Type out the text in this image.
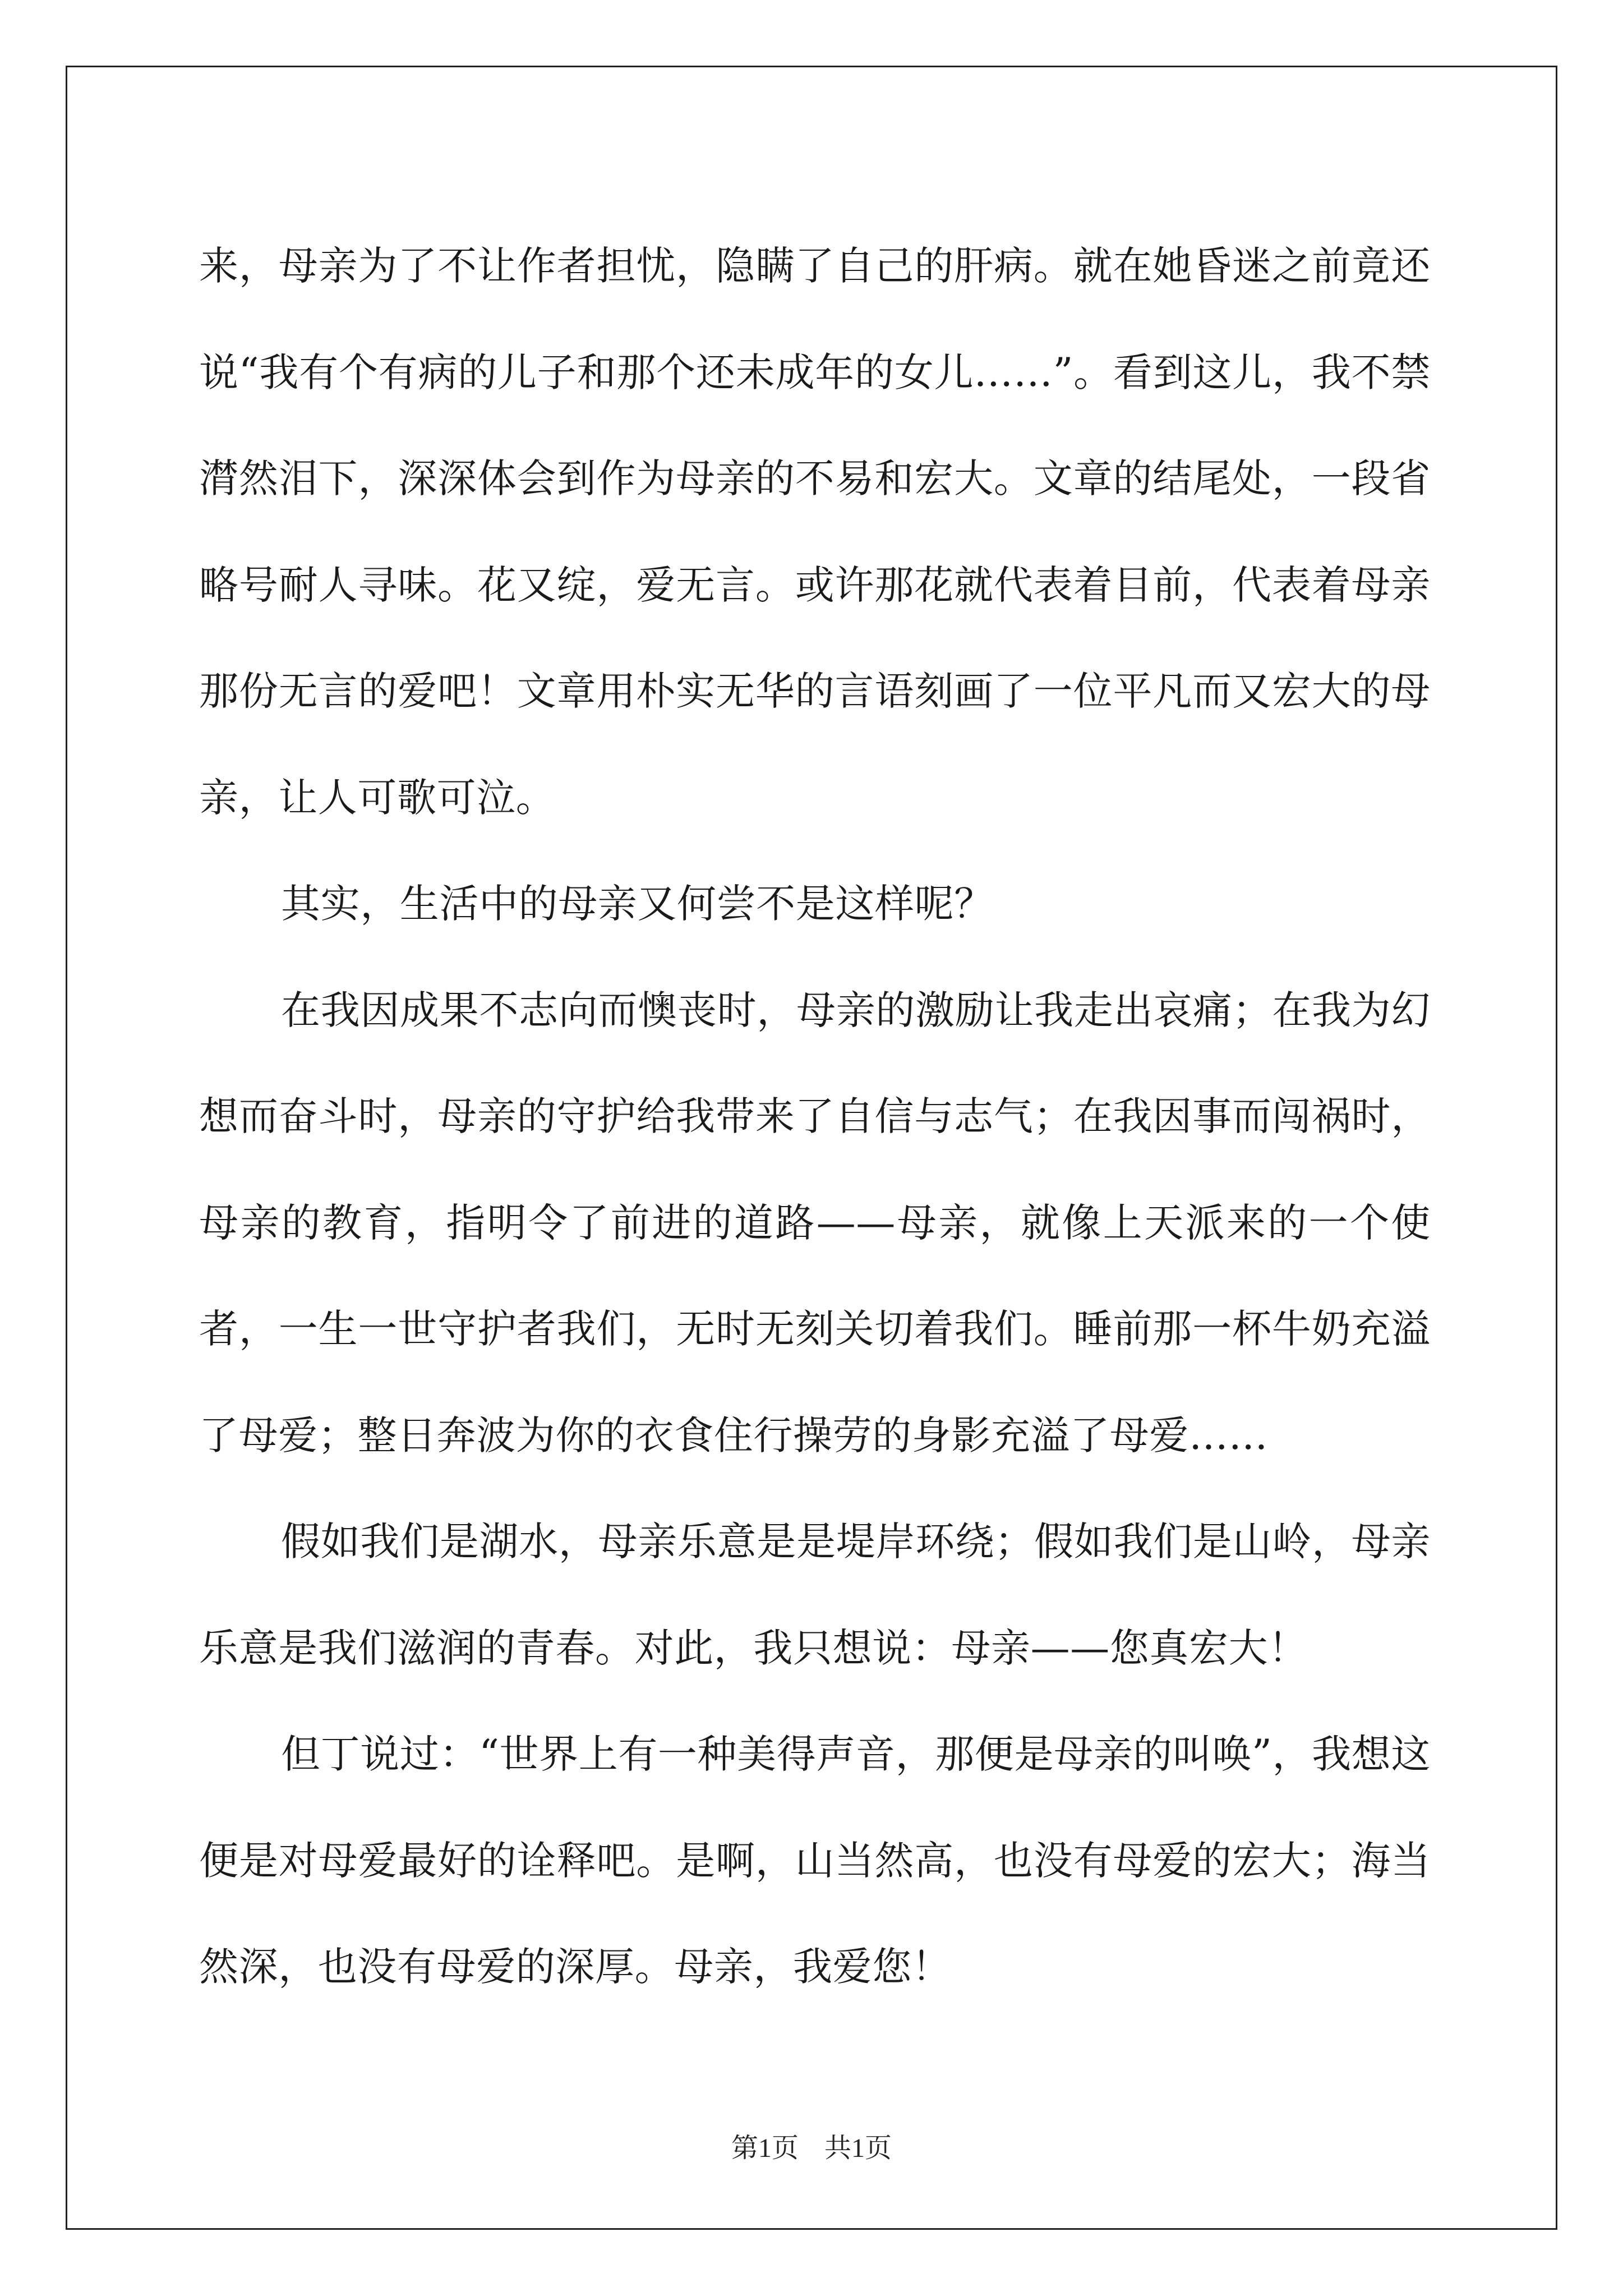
来，母亲为了不让作者担忧，隐瞒了自己的肝病。就在她昏迷之前竟还说“我有个有病的儿子和那个还未成年的女儿……”。看到这儿，我不禁潸然泪下，深深体会到作为母亲的不易和宏大。文章的结尾处，一段省略号耐人寻味。花又绽，爱无言。或许那花就代表着目前，代表着母亲那份无言的爱吧！文章用朴实无华的言语刻画了一位平凡而又宏大的母亲，让人可歌可泣。

其实，生活中的母亲又何尝不是这样呢？

在我因成果不志向而懊丧时，母亲的激励让我走出哀痛；在我为幻想而奋斗时，母亲的守护给我带来了自信与志气；在我因事而闯祸时，母亲的教育，指明令了前进的道路——母亲，就像上天派来的一个使者，一生一世守护者我们，无时无刻关切着我们。睡前那一杯牛奶充溢了母爱；整日奔波为你的衣食住行操劳的身影充溢了母爱……

假如我们是湖水，母亲乐意是是堤岸环绕；假如我们是山岭，母亲乐意是我们滋润的青春。对此，我只想说：母亲——您真宏大！

但丁说过：“世界上有一种美得声音，那便是母亲的叫唤”，我想这便是对母爱最好的诠释吧。是啊，山当然高，也没有母爱的宏大；海当然深，也没有母爱的深厚。母亲，我爱您！

第1页 共1页
